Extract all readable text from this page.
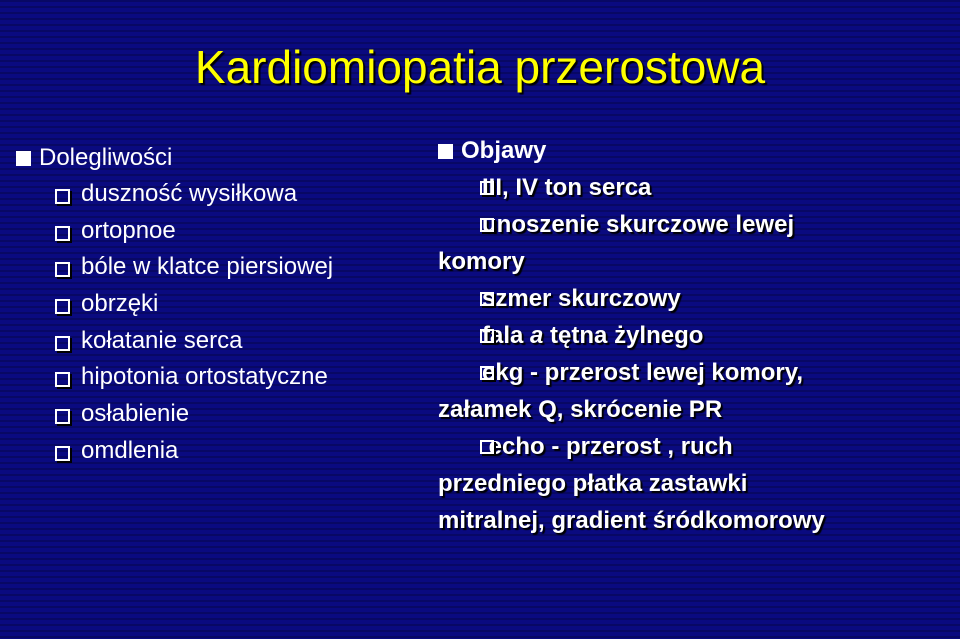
Kardiomiopatia przerostowa
Dolegliwości
duszność wysiłkowa
ortopnoe
bóle w klatce piersiowej
obrzęki
kołatanie serca
hipotonia ortostatyczne
osłabienie
omdlenia
Objawy
III, IV ton serca
unoszenie skurczowe lewej
komory
szmer skurczowy
fala a tętna żylnego
ekg - przerost lewej komory,
załamek Q, skrócenie PR
echo - przerost , ruch
przedniego płatka zastawki
mitralnej, gradient śródkomorowy
